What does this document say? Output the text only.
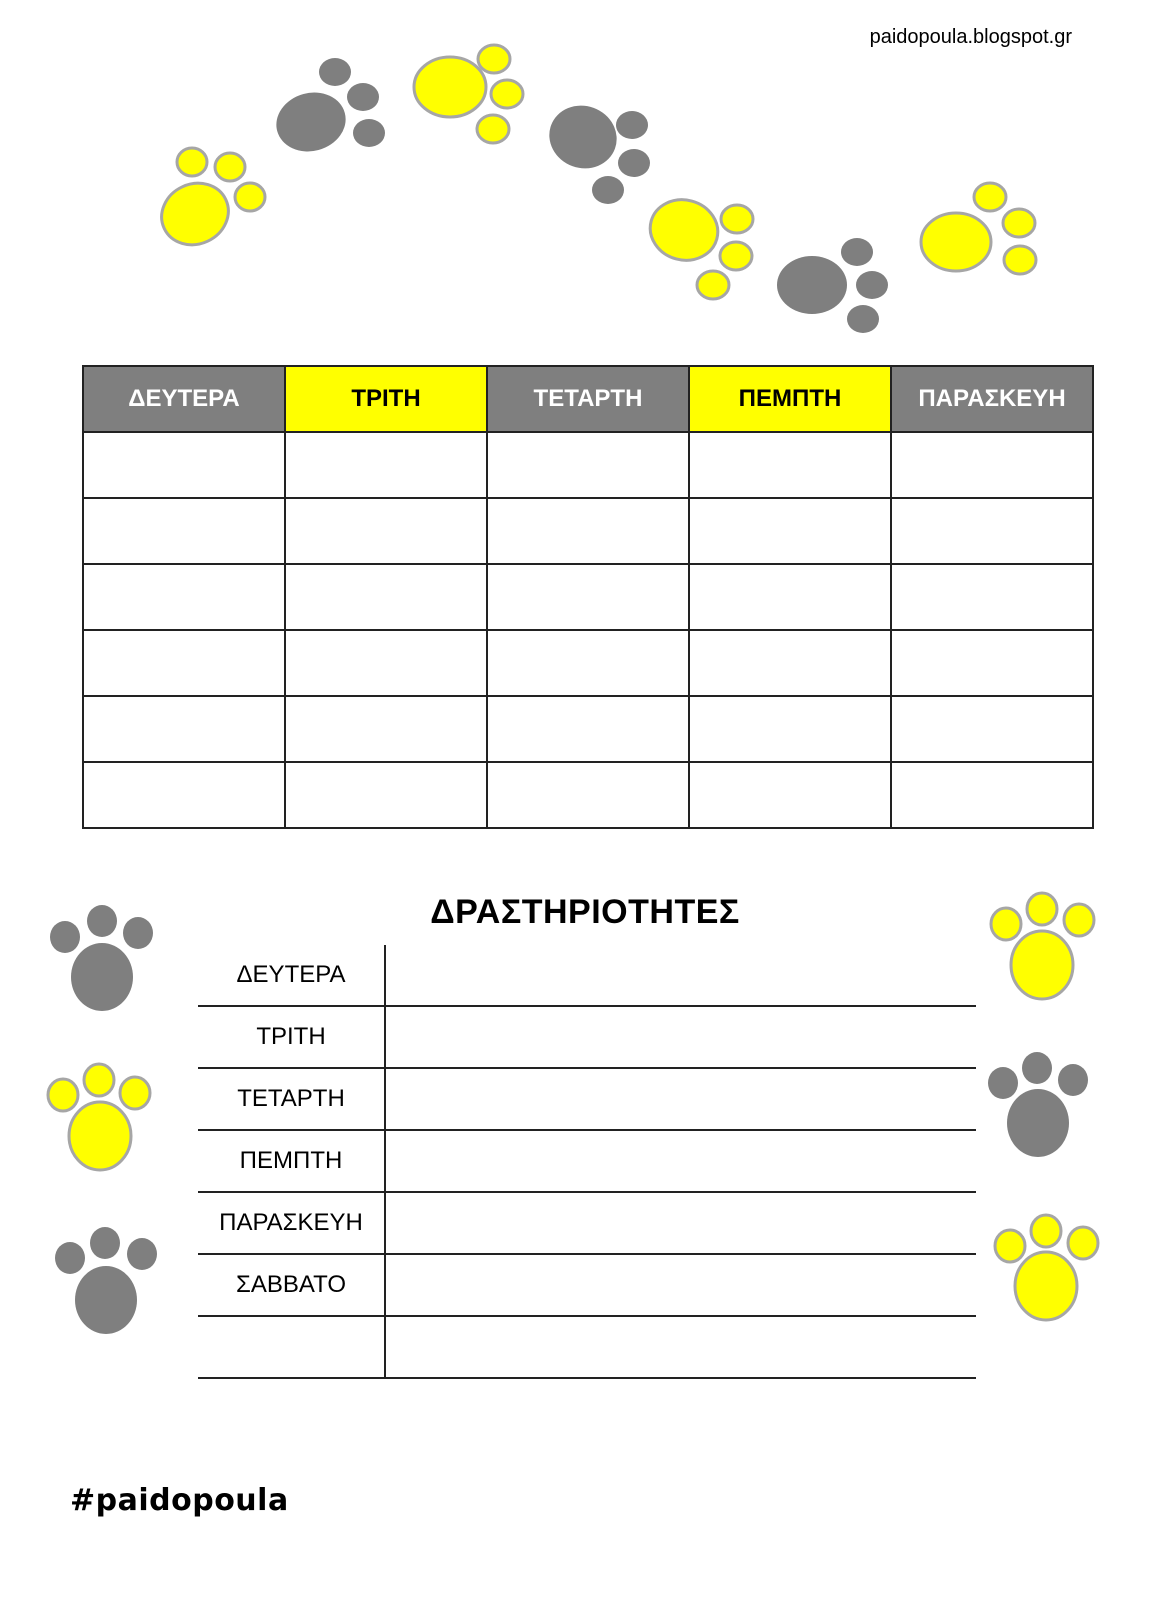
paidopoula.blogspot.gr
ΔΕΥΤΕΡΑ	ΤΡΙΤΗ	ΤΕΤΑΡΤΗ	ΠΕΜΠΤΗ	ΠΑΡΑΣΚΕΥΗ

ΔΡΑΣΤΗΡΙΟΤΗΤΕΣ
ΔΕΥΤΕΡΑ
ΤΡΙΤΗ
ΤΕΤΑΡΤΗ
ΠΕΜΠΤΗ
ΠΑΡΑΣΚΕΥΗ
ΣΑΒΒΑΤΟ
#paidopoula
